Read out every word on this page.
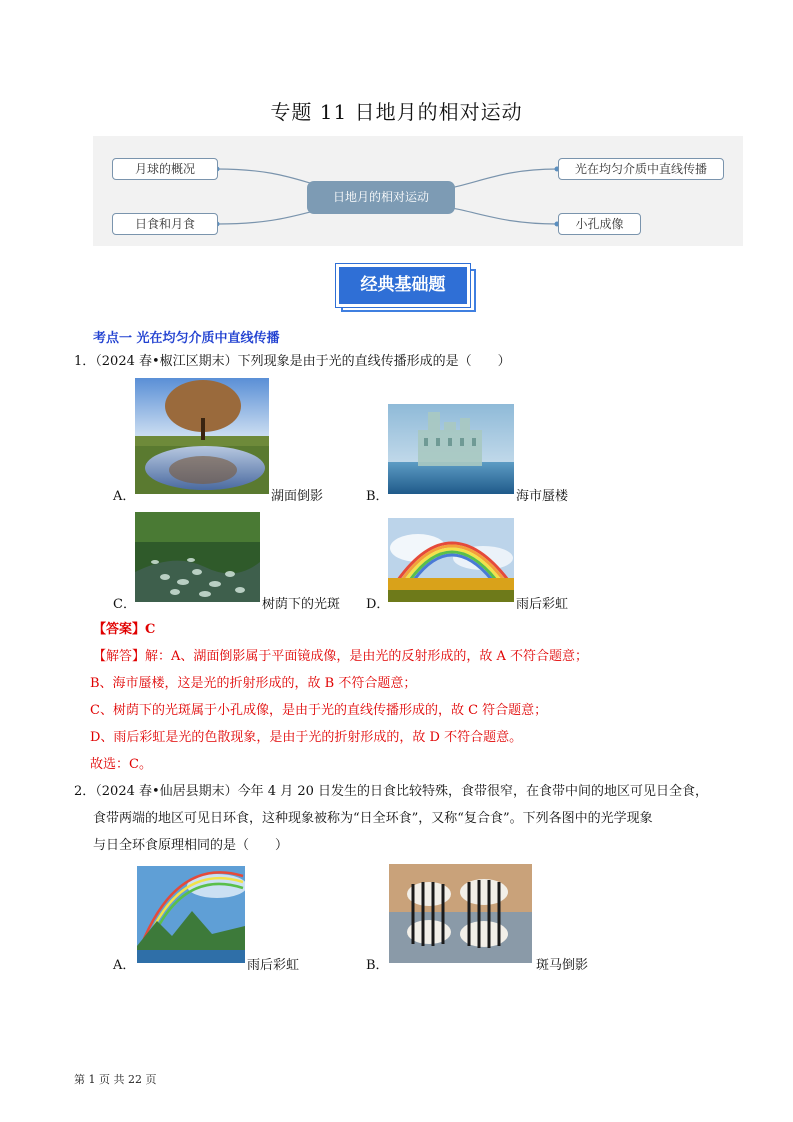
专题 11 日地月的相对运动
月球的概况
日食和月食
光在均匀介质中直线传播
小孔成像
日地月的相对运动
经典基础题
考点一 光在均匀介质中直线传播
1．（2024 春•椒江区期末）下列现象是由于光的直线传播形成的是（　　）
A．	湖面倒影	B．	海市蜃楼
C．	树荫下的光斑 D．	雨后彩虹
【答案】C
【解答】解：A、湖面倒影属于平面镜成像，是由光的反射形成的，故 A 不符合题意；
B、海市蜃楼，这是光的折射形成的，故 B 不符合题意；
C、树荫下的光斑属于小孔成像，是由于光的直线传播形成的，故 C 符合题意；
D、雨后彩虹是光的色散现象，是由于光的折射形成的，故 D 不符合题意。
故选：C。
2．（2024 春•仙居县期末）今年 4 月 20 日发生的日食比较特殊，食带很窄，在食带中间的地区可见日全食，
食带两端的地区可见日环食，这种现象被称为“日全环食”，又称“复合食”。下列各图中的光学现象
与日全环食原理相同的是（　　）
A．	雨后彩虹	B．	斑马倒影
第 1 页 共 22 页
